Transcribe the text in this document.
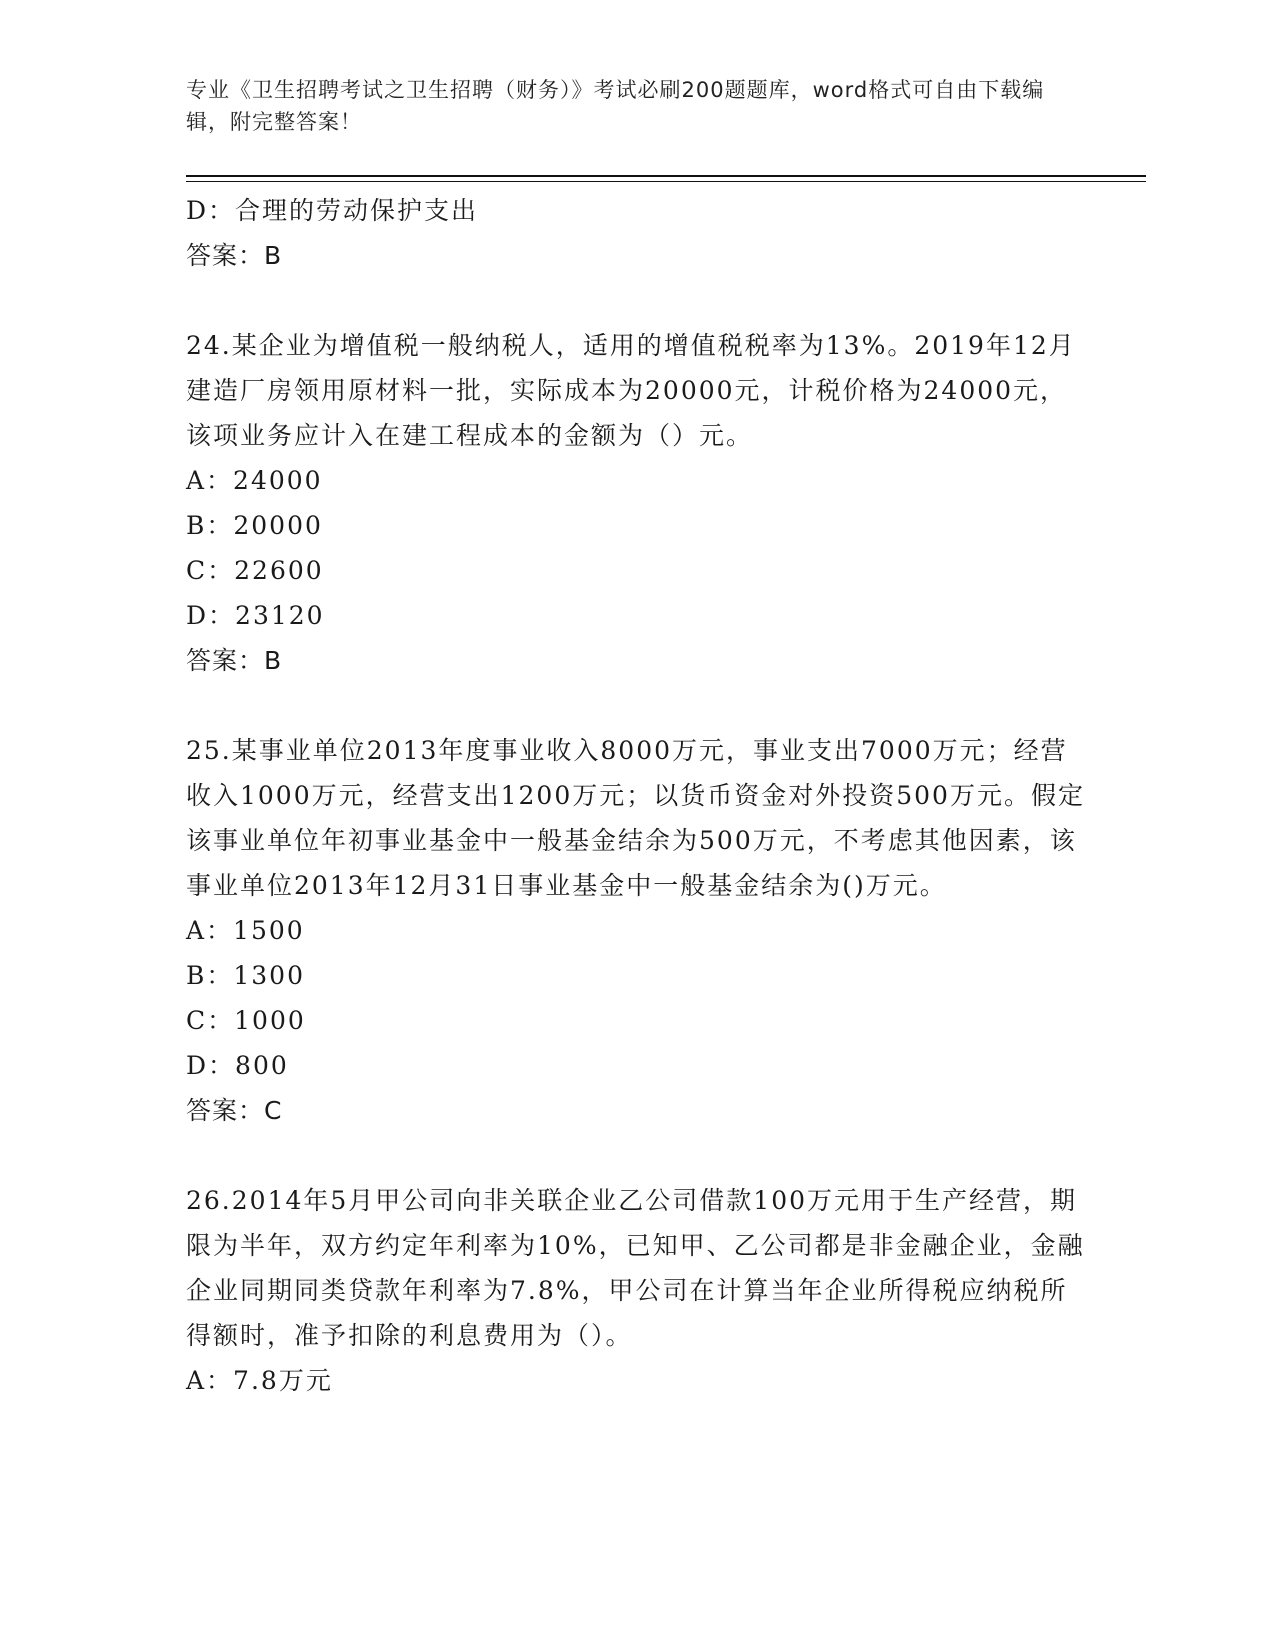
专业《卫生招聘考试之卫生招聘（财务）》考试必刷200题题库，word格式可自由下载编辑，附完整答案！
D：合理的劳动保护支出
答案：B
24.某企业为增值税一般纳税人，适用的增值税税率为13%。2019年12月建造厂房领用原材料一批，实际成本为20000元，计税价格为24000元，该项业务应计入在建工程成本的金额为（）元。
A：24000
B：20000
C：22600
D：23120
答案：B
25.某事业单位2013年度事业收入8000万元，事业支出7000万元；经营收入1000万元，经营支出1200万元；以货币资金对外投资500万元。假定该事业单位年初事业基金中一般基金结余为500万元，不考虑其他因素，该事业单位2013年12月31日事业基金中一般基金结余为()万元。
A：1500
B：1300
C：1000
D：800
答案：C
26.2014年5月甲公司向非关联企业乙公司借款100万元用于生产经营，期限为半年，双方约定年利率为10%，已知甲、乙公司都是非金融企业，金融企业同期同类贷款年利率为7.8%，甲公司在计算当年企业所得税应纳税所得额时，准予扣除的利息费用为（）。
A：7.8万元
